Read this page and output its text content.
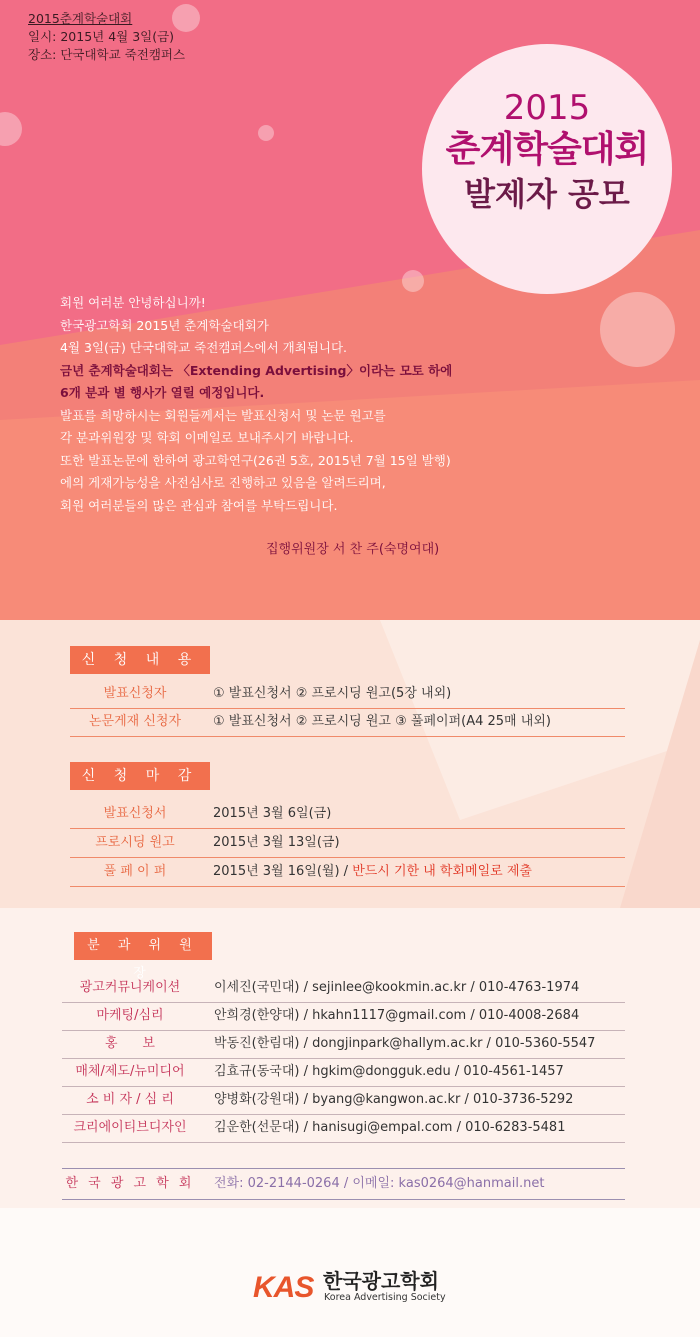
2015춘계학술대회
일시: 2015년 4월 3일(금)
장소: 단국대학교 죽전캠퍼스
2015
춘계학술대회
발제자 공모
회원 여러분 안녕하십니까!
한국광고학회 2015년 춘계학술대회가
4월 3일(금) 단국대학교 죽전캠퍼스에서 개최됩니다.
금년 춘계학술대회는 〈Extending Advertising〉이라는 모토 하에
6개 분과 별 행사가 열릴 예정입니다.
발표를 희망하시는 회원들께서는 발표신청서 및 논문 원고를
각 분과위원장 및 학회 이메일로 보내주시기 바랍니다.
또한 발표논문에 한하여 광고학연구(26권 5호, 2015년 7월 15일 발행)
에의 게재가능성을 사전심사로 진행하고 있음을 알려드리며,
회원 여러분들의 많은 관심과 참여를 부탁드립니다.
집행위원장 서 찬 주(숙명여대)
신 청 내 용
발표신청자	① 발표신청서 ② 프로시딩 원고(5장 내외)
논문게재 신청자	① 발표신청서 ② 프로시딩 원고 ③ 풀페이퍼(A4 25매 내외)
신 청 마 감
발표신청서	2015년 3월 6일(금)
프로시딩 원고	2015년 3월 13일(금)
풀 페 이 퍼	2015년 3월 16일(월) / 반드시 기한 내 학회메일로 제출
분 과 위 원 장
광고커뮤니케이션	이세진(국민대) / sejinlee@kookmin.ac.kr / 010-4763-1974
마케팅/심리	안희경(한양대) / hkahn1117@gmail.com / 010-4008-2684
홍      보	박동진(한림대) / dongjinpark@hallym.ac.kr / 010-5360-5547
매체/제도/뉴미디어	김효규(동국대) / hgkim@dongguk.edu / 010-4561-1457
소 비 자 / 심 리	양병화(강원대) / byang@kangwon.ac.kr / 010-3736-5292
크리에이티브디자인	김운한(선문대) / hanisugi@empal.com / 010-6283-5481
한 국 광 고 학 회 전화: 02-2144-0264 / 이메일: kas0264@hanmail.net
KAS 한국광고학회
Korea Advertising Society
